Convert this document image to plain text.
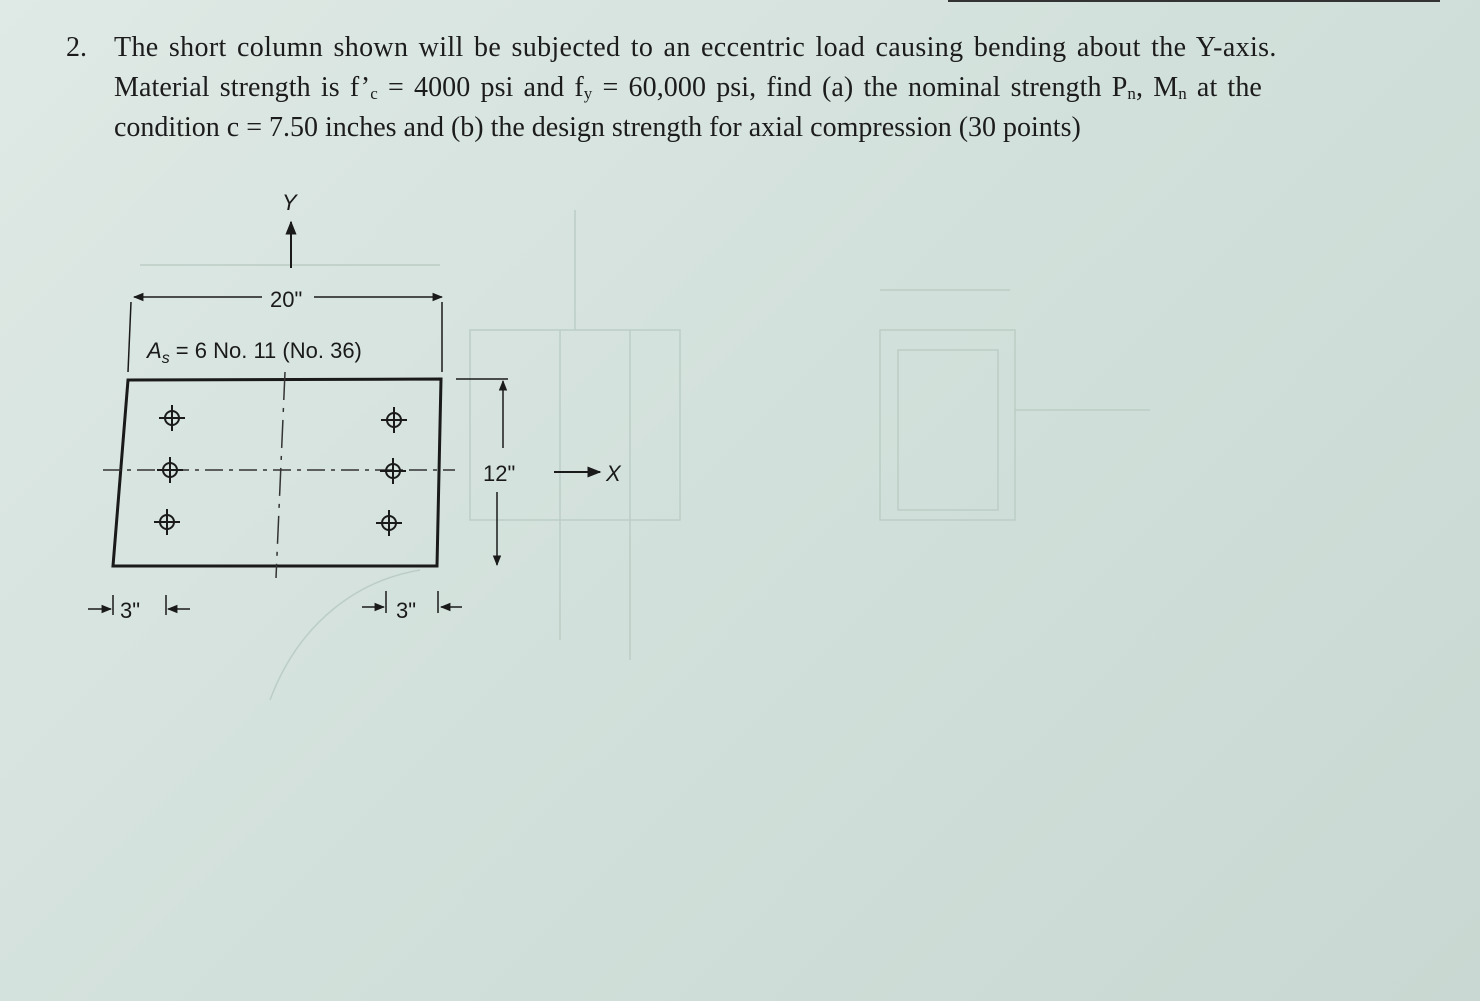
2. The short column shown will be subjected to an eccentric load causing bending about the Y-axis.
Material strength is $f’_c = 4000$ psi and $f_y = 60,000$ psi, find (a) the nominal strength $P_n$, $M_n$ at the
condition c = 7.50 inches and (b) the design strength for axial compression (30 points)
Y
20"
$A_s = 6$ No. 11 (No. 36)
12"	X
3"	3"
